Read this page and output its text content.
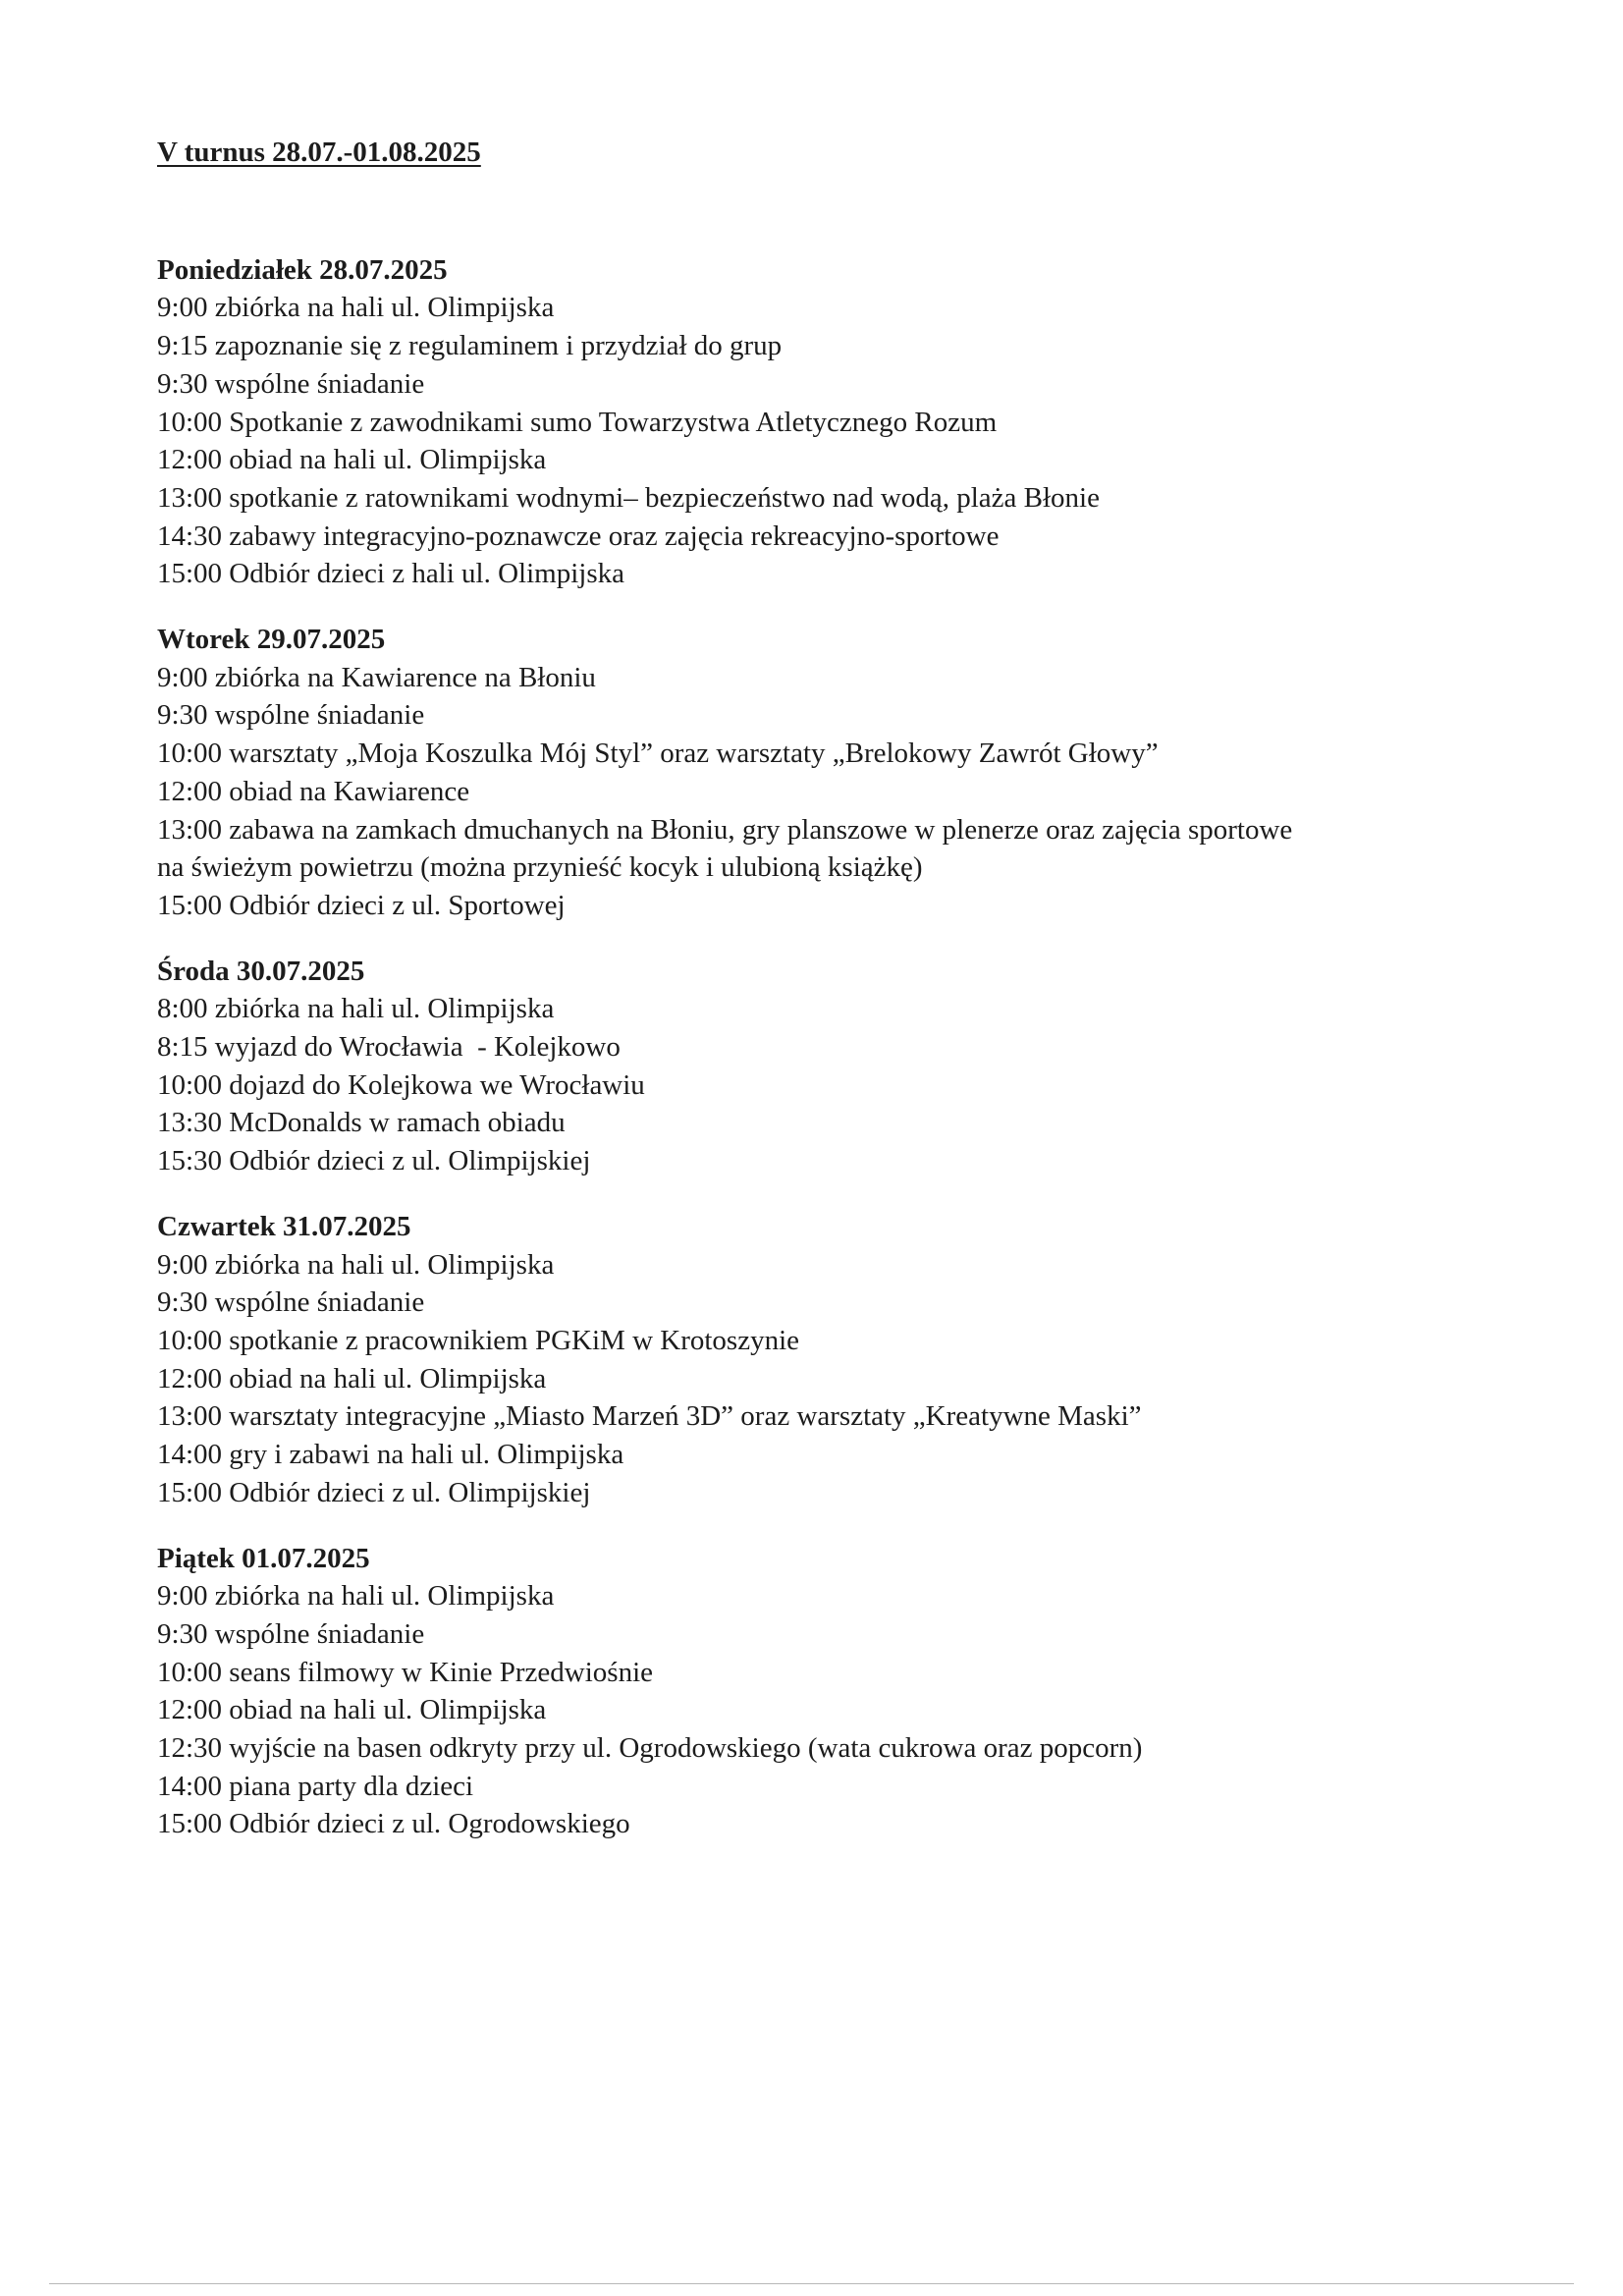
V turnus 28.07.-01.08.2025
Poniedziałek 28.07.2025
9:00 zbiórka na hali ul. Olimpijska
9:15 zapoznanie się z regulaminem i przydział do grup
9:30 wspólne śniadanie
10:00 Spotkanie z zawodnikami sumo Towarzystwa Atletycznego Rozum
12:00 obiad na hali ul. Olimpijska
13:00 spotkanie z ratownikami wodnymi– bezpieczeństwo nad wodą, plaża Błonie
14:30 zabawy integracyjno-poznawcze oraz zajęcia rekreacyjno-sportowe
15:00 Odbiór dzieci z hali ul. Olimpijska
Wtorek 29.07.2025
9:00 zbiórka na Kawiarence na Błoniu
9:30 wspólne śniadanie
10:00 warsztaty „Moja Koszulka Mój Styl” oraz warsztaty „Brelokowy Zawrót Głowy”
12:00 obiad na Kawiarence
13:00 zabawa na zamkach dmuchanych na Błoniu, gry planszowe w plenerze oraz zajęcia sportowe
na świeżym powietrzu (można przynieść kocyk i ulubioną książkę)
15:00 Odbiór dzieci z ul. Sportowej
Środa 30.07.2025
8:00 zbiórka na hali ul. Olimpijska
8:15 wyjazd do Wrocławia  - Kolejkowo
10:00 dojazd do Kolejkowa we Wrocławiu
13:30 McDonalds w ramach obiadu
15:30 Odbiór dzieci z ul. Olimpijskiej
Czwartek 31.07.2025
9:00 zbiórka na hali ul. Olimpijska
9:30 wspólne śniadanie
10:00 spotkanie z pracownikiem PGKiM w Krotoszynie
12:00 obiad na hali ul. Olimpijska
13:00 warsztaty integracyjne „Miasto Marzeń 3D” oraz warsztaty „Kreatywne Maski”
14:00 gry i zabawi na hali ul. Olimpijska
15:00 Odbiór dzieci z ul. Olimpijskiej
Piątek 01.07.2025
9:00 zbiórka na hali ul. Olimpijska
9:30 wspólne śniadanie
10:00 seans filmowy w Kinie Przedwiośnie
12:00 obiad na hali ul. Olimpijska
12:30 wyjście na basen odkryty przy ul. Ogrodowskiego (wata cukrowa oraz popcorn)
14:00 piana party dla dzieci
15:00 Odbiór dzieci z ul. Ogrodowskiego
